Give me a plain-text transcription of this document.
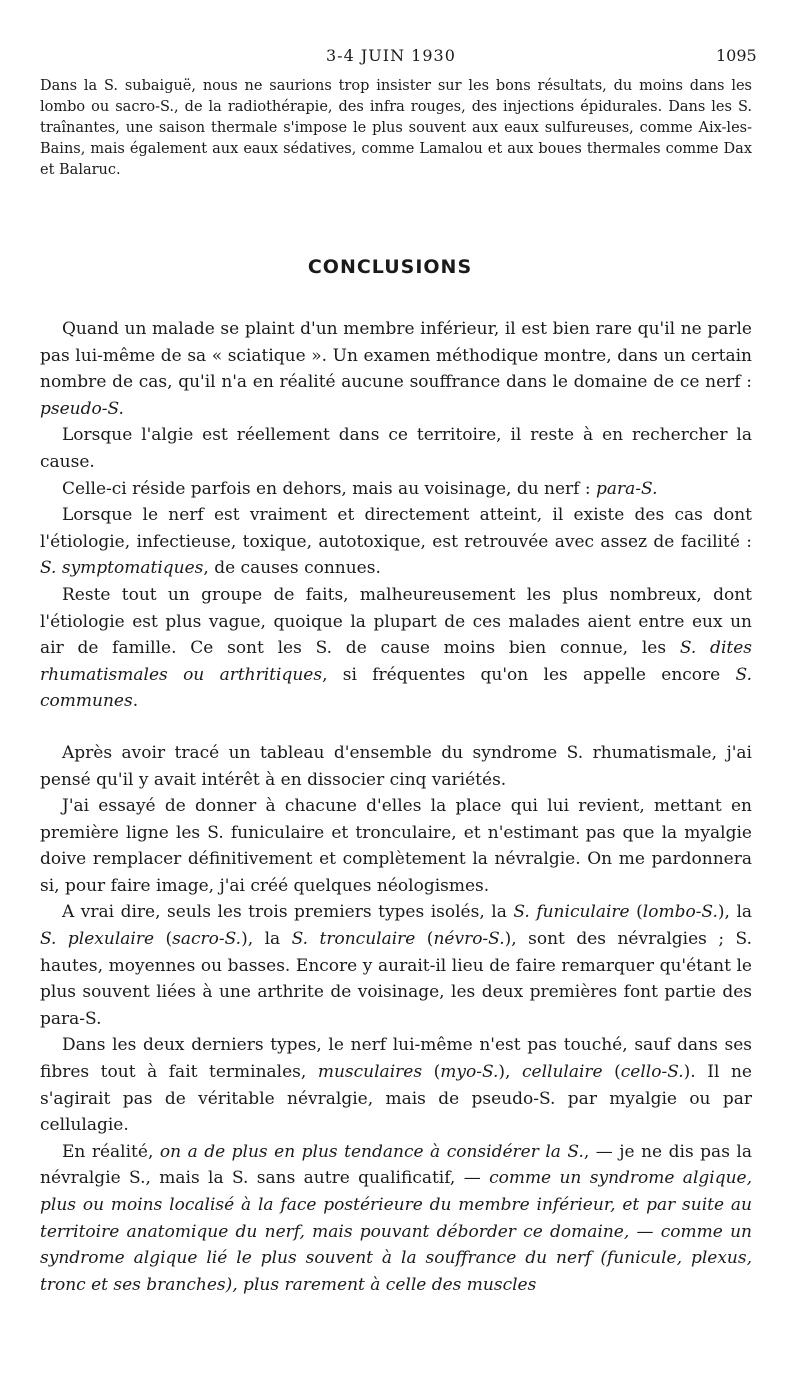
3-4 JUIN 1930	1095
Dans la S. subaiguë, nous ne saurions trop insister sur les bons résultats, du moins dans les lombo ou sacro-S., de la radiothérapie, des infra rouges, des injections épidurales. Dans les S. traînantes, une saison thermale s'impose le plus souvent aux eaux sulfureuses, comme Aix-les-Bains, mais également aux eaux sédatives, comme Lamalou et aux boues thermales comme Dax et Balaruc.
CONCLUSIONS

Quand un malade se plaint d'un membre inférieur, il est bien rare qu'il ne parle pas lui-même de sa « sciatique ». Un examen méthodique montre, dans un certain nombre de cas, qu'il n'a en réalité aucune souffrance dans le domaine de ce nerf : pseudo-S.

Lorsque l'algie est réellement dans ce territoire, il reste à en rechercher la cause.

Celle-ci réside parfois en dehors, mais au voisinage, du nerf : para-S.

Lorsque le nerf est vraiment et directement atteint, il existe des cas dont l'étiologie, infectieuse, toxique, autotoxique, est retrouvée avec assez de facilité : S. symptomatiques, de causes connues.

Reste tout un groupe de faits, malheureusement les plus nombreux, dont l'étiologie est plus vague, quoique la plupart de ces malades aient entre eux un air de famille. Ce sont les S. de cause moins bien connue, les S. dites rhumatismales ou arthritiques, si fréquentes qu'on les appelle encore S. communes.

Après avoir tracé un tableau d'ensemble du syndrome S. rhumatismale, j'ai pensé qu'il y avait intérêt à en dissocier cinq variétés.

J'ai essayé de donner à chacune d'elles la place qui lui revient, mettant en première ligne les S. funiculaire et tronculaire, et n'estimant pas que la myalgie doive remplacer définitivement et complètement la névralgie. On me pardonnera si, pour faire image, j'ai créé quelques néologismes.

A vrai dire, seuls les trois premiers types isolés, la S. funiculaire (lombo-S.), la S. plexulaire (sacro-S.), la S. tronculaire (névro-S.), sont des névralgies ; S. hautes, moyennes ou basses. Encore y aurait-il lieu de faire remarquer qu'étant le plus souvent liées à une arthrite de voisinage, les deux premières font partie des para-S.

Dans les deux derniers types, le nerf lui-même n'est pas touché, sauf dans ses fibres tout à fait terminales, musculaires (myo-S.), cellulaire (cello-S.). Il ne s'agirait pas de véritable névralgie, mais de pseudo-S. par myalgie ou par cellulagie.

En réalité, on a de plus en plus tendance à considérer la S., — je ne dis pas la névralgie S., mais la S. sans autre qualificatif, — comme un syndrome algique, plus ou moins localisé à la face postérieure du membre inférieur, et par suite au territoire anatomique du nerf, mais pouvant déborder ce domaine, — comme un syndrome algique lié le plus souvent à la souffrance du nerf (funicule, plexus, tronc et ses branches), plus rarement à celle des muscles
